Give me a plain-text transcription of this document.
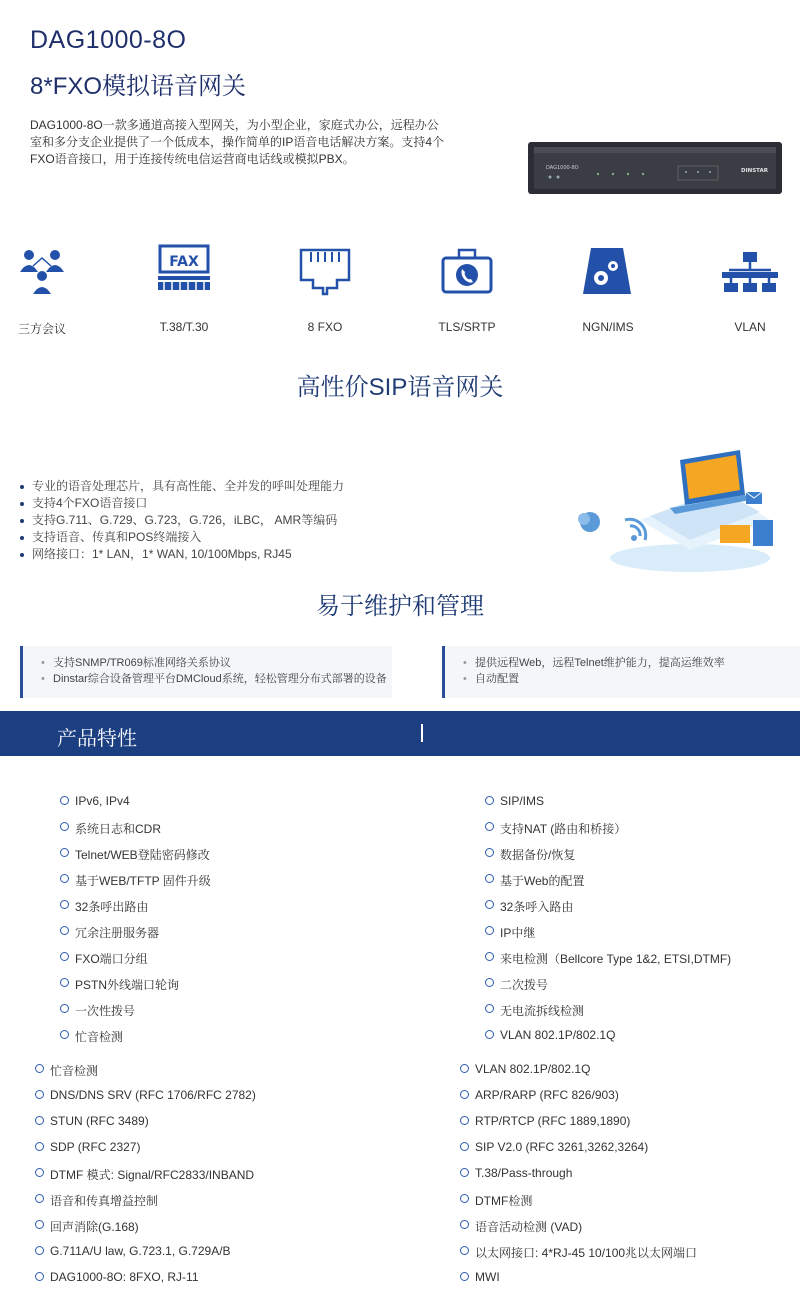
DAG1000-8O
8*FXO模拟语音网关
DAG1000-8O一款多通道高接入型网关，为小型企业，家庭式办公，远程办公室和多分支企业提供了一个低成本，操作简单的IP语音电话解决方案。支持4个FXO语音接口，用于连接传统电信运营商电话线或模拟PBX。
DAG1000-8O	DINSTAR
三方会议
FAX
T.38/T.30	8 FXO	TLS/SRTP	NGN/IMS	VLAN
高性价SIP语音网关
专业的语音处理芯片，具有高性能、全并发的呼叫处理能力
支持4个FXO语音接口
支持G.711、G.729、G.723，G.726，iLBC， AMR等编码
支持语音、传真和POS终端接入
网络接口：1* LAN，1* WAN, 10/100Mbps, RJ45
易于维护和管理
• 支持SNMP/TR069标准网络关系协议
• Dinstar综合设备管理平台DMCloud系统，轻松管理分布式部署的设备
• 提供远程Web，远程Telnet维护能力，提高运维效率
• 自动配置
产品特性
IPv6, IPv4
系统日志和CDR
Telnet/WEB登陆密码修改
基于WEB/TFTP 固件升级
32条呼出路由
冗余注册服务器
FXO端口分组
PSTN外线端口轮询
一次性拨号
忙音检测
SIP/IMS
支持NAT (路由和桥接）
数据备份/恢复
基于Web的配置
32条呼入路由
IP中继
来电检测（Bellcore Type 1&2, ETSI,DTMF)
二次拨号
无电流拆线检测
VLAN 802.1P/802.1Q
忙音检测
DNS/DNS SRV (RFC 1706/RFC 2782)
STUN (RFC 3489)
SDP (RFC 2327)
DTMF 模式: Signal/RFC2833/INBAND
语音和传真增益控制
回声消除(G.168)
G.711A/U law, G.723.1, G.729A/B
DAG1000-8O: 8FXO, RJ-11
VLAN 802.1P/802.1Q
ARP/RARP (RFC 826/903)
RTP/RTCP (RFC 1889,1890)
SIP V2.0 (RFC 3261,3262,3264)
T.38/Pass-through
DTMF检测
语音活动检测 (VAD)
以太网接口: 4*RJ-45 10/100兆以太网端口
MWI
